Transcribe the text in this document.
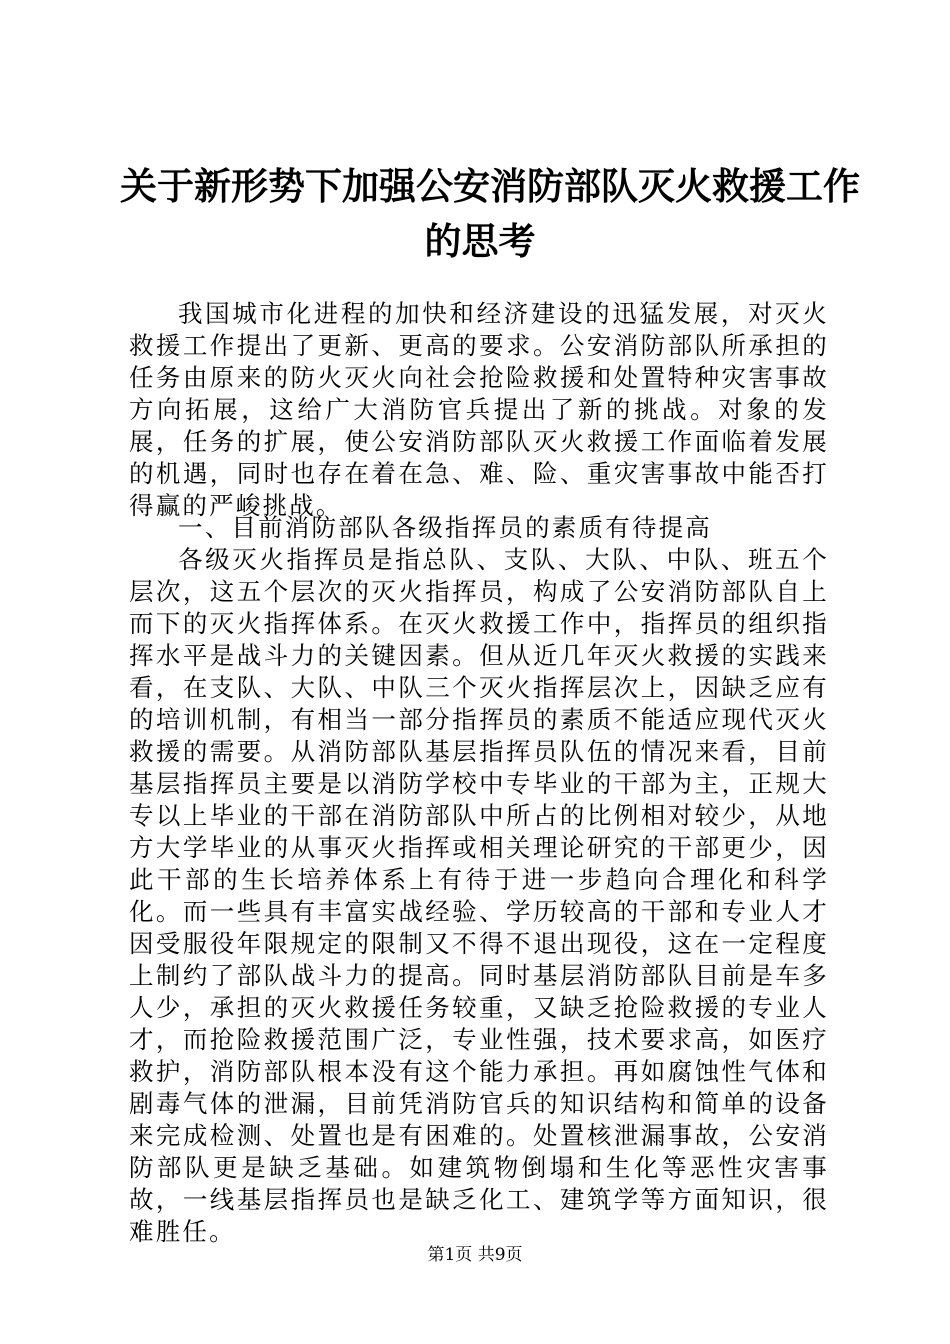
关于新形势下加强公安消防部队灭火救援工作
的思考

我国城市化进程的加快和经济建设的迅猛发展，对灭火救援工作提出了更新、更高的要求。公安消防部队所承担的任务由原来的防火灭火向社会抢险救援和处置特种灾害事故方向拓展，这给广大消防官兵提出了新的挑战。对象的发展，任务的扩展，使公安消防部队灭火救援工作面临着发展的机遇，同时也存在着在急、难、险、重灾害事故中能否打得赢的严峻挑战。

一、目前消防部队各级指挥员的素质有待提高

各级灭火指挥员是指总队、支队、大队、中队、班五个层次，这五个层次的灭火指挥员，构成了公安消防部队自上而下的灭火指挥体系。在灭火救援工作中，指挥员的组织指挥水平是战斗力的关键因素。但从近几年灭火救援的实践来看，在支队、大队、中队三个灭火指挥层次上，因缺乏应有的培训机制，有相当一部分指挥员的素质不能适应现代灭火救援的需要。从消防部队基层指挥员队伍的情况来看，目前基层指挥员主要是以消防学校中专毕业的干部为主，正规大专以上毕业的干部在消防部队中所占的比例相对较少，从地方大学毕业的从事灭火指挥或相关理论研究的干部更少，因此干部的生长培养体系上有待于进一步趋向合理化和科学化。而一些具有丰富实战经验、学历较高的干部和专业人才因受服役年限规定的限制又不得不退出现役，这在一定程度上制约了部队战斗力的提高。同时基层消防部队目前是车多人少，承担的灭火救援任务较重，又缺乏抢险救援的专业人才，而抢险救援范围广泛，专业性强，技术要求高，如医疗救护，消防部队根本没有这个能力承担。再如腐蚀性气体和剧毒气体的泄漏，目前凭消防官兵的知识结构和简单的设备来完成检测、处置也是有困难的。处置核泄漏事故，公安消防部队更是缺乏基础。如建筑物倒塌和生化等恶性灾害事故，一线基层指挥员也是缺乏化工、建筑学等方面知识，很难胜任。

第1页 共9页
